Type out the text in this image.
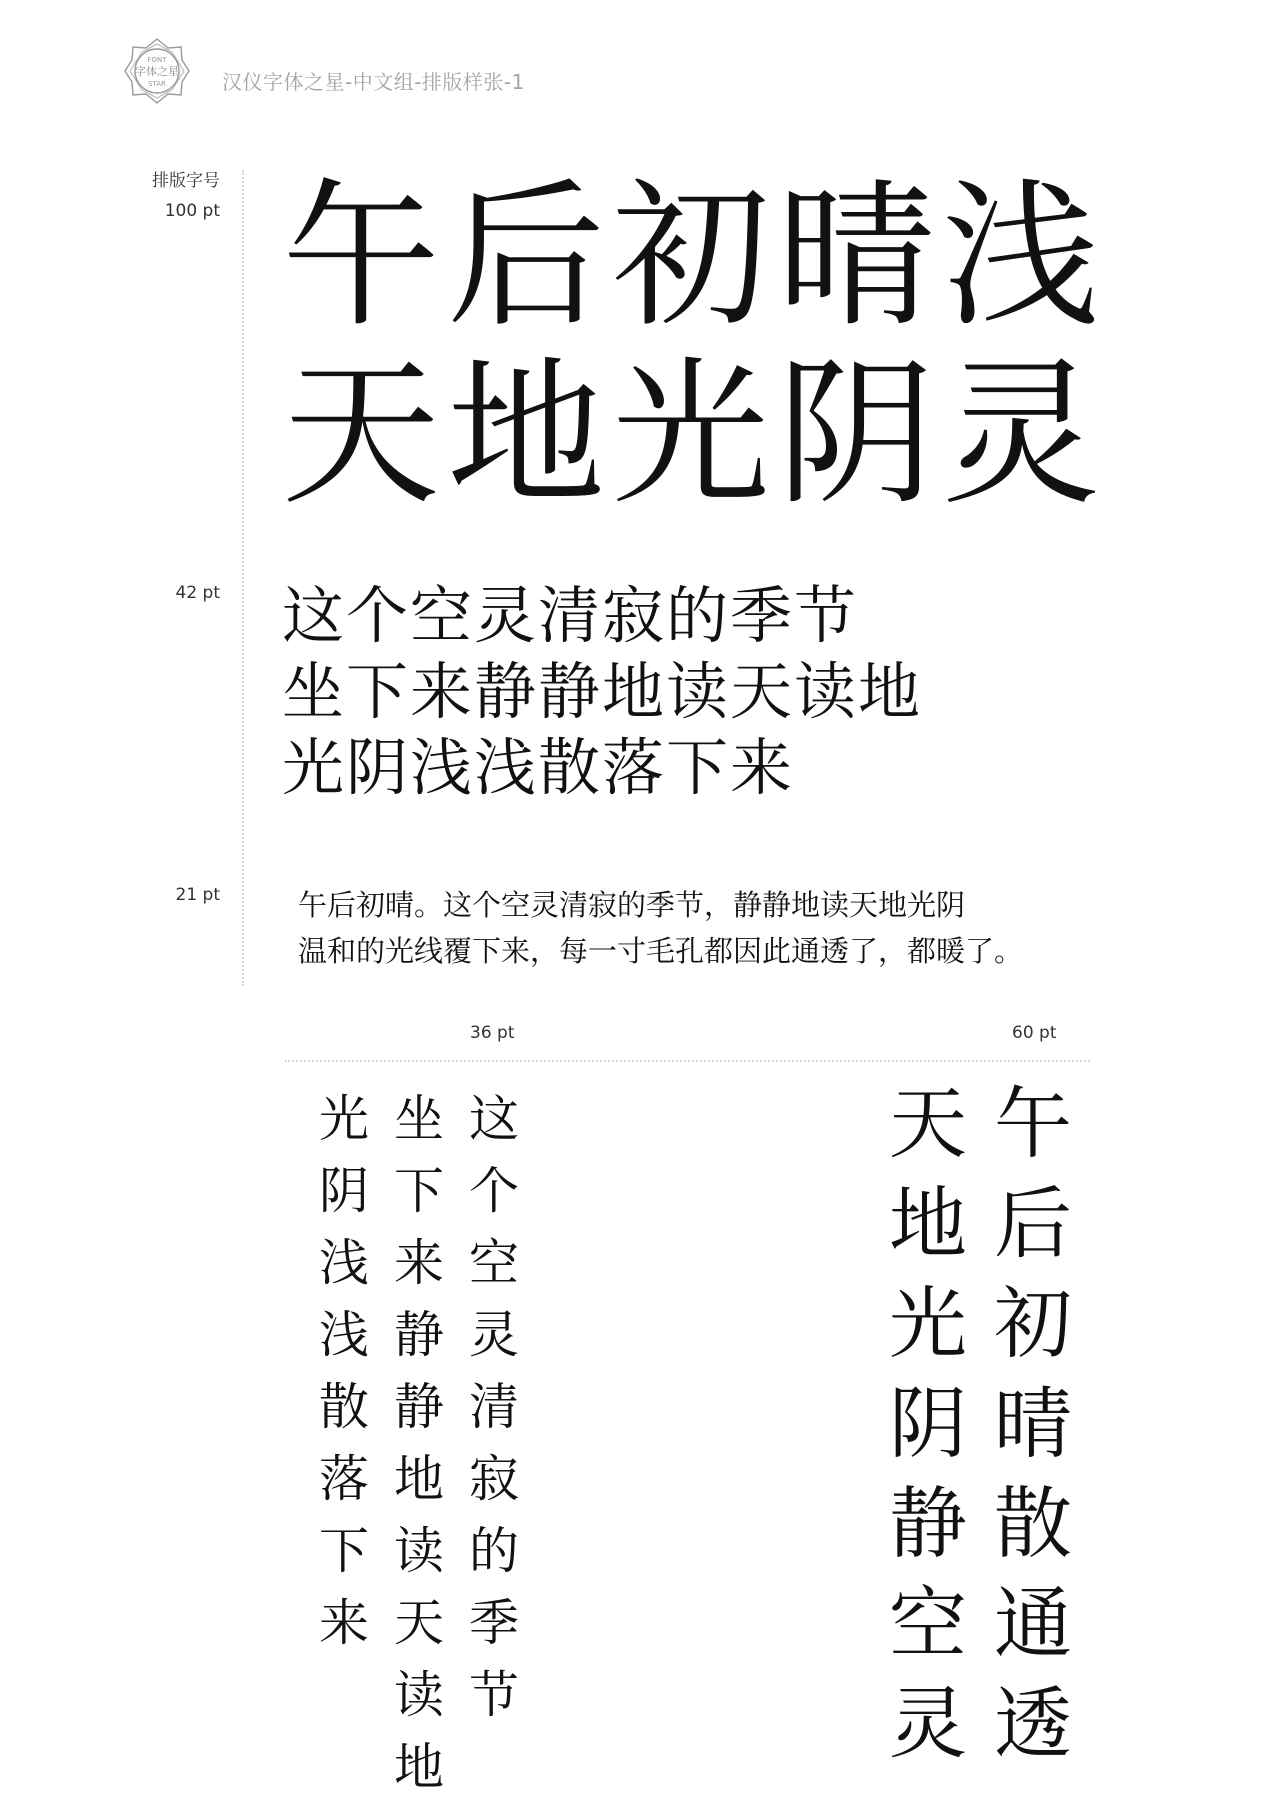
FONT
字体之星
STAR	汉仪字体之星-中文组-排版样张-1
排版字号
100 pt
42 pt
21 pt
午后初晴浅
天地光阴灵
这个空灵清寂的季节
坐下来静静地读天读地
光阴浅浅散落下来
午后初晴。这个空灵清寂的季节，静静地读天地光阴
温和的光线覆下来，每一寸毛孔都因此通透了，都暖了。
36 pt	60 pt
这个空灵清寂的季节
坐下来静静地读天读地
光阴浅浅散落下来	午后初晴散通透
天地光阴静空灵
